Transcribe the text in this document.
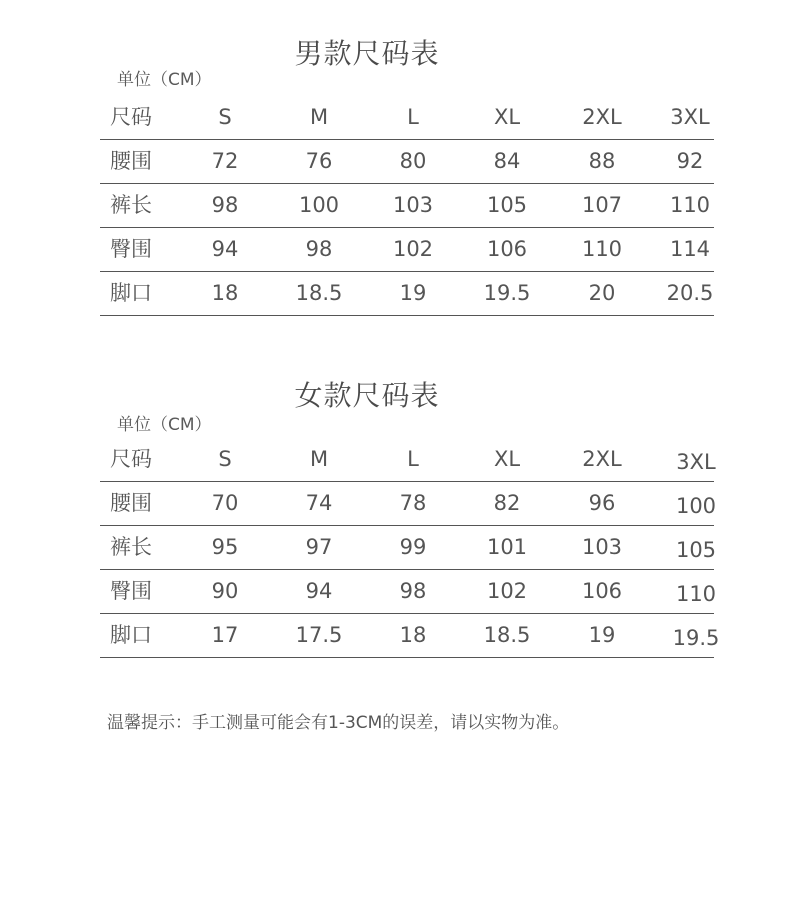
男款尺码表
单位（CM）
尺码	S	M	L	XL	2XL	3XL
腰围	72	76	80	84	88	92
裤长	98	100	103	105	107	110
臀围	94	98	102	106	110	114
脚口	18	18.5	19	19.5	20	20.5
女款尺码表
单位（CM）
尺码	S	M	L	XL	2XL	3XL
腰围	70	74	78	82	96	100
裤长	95	97	99	101	103	105
臀围	90	94	98	102	106	110
脚口	17	17.5	18	18.5	19	19.5
温馨提示：手工测量可能会有1-3CM的误差，请以实物为准。
